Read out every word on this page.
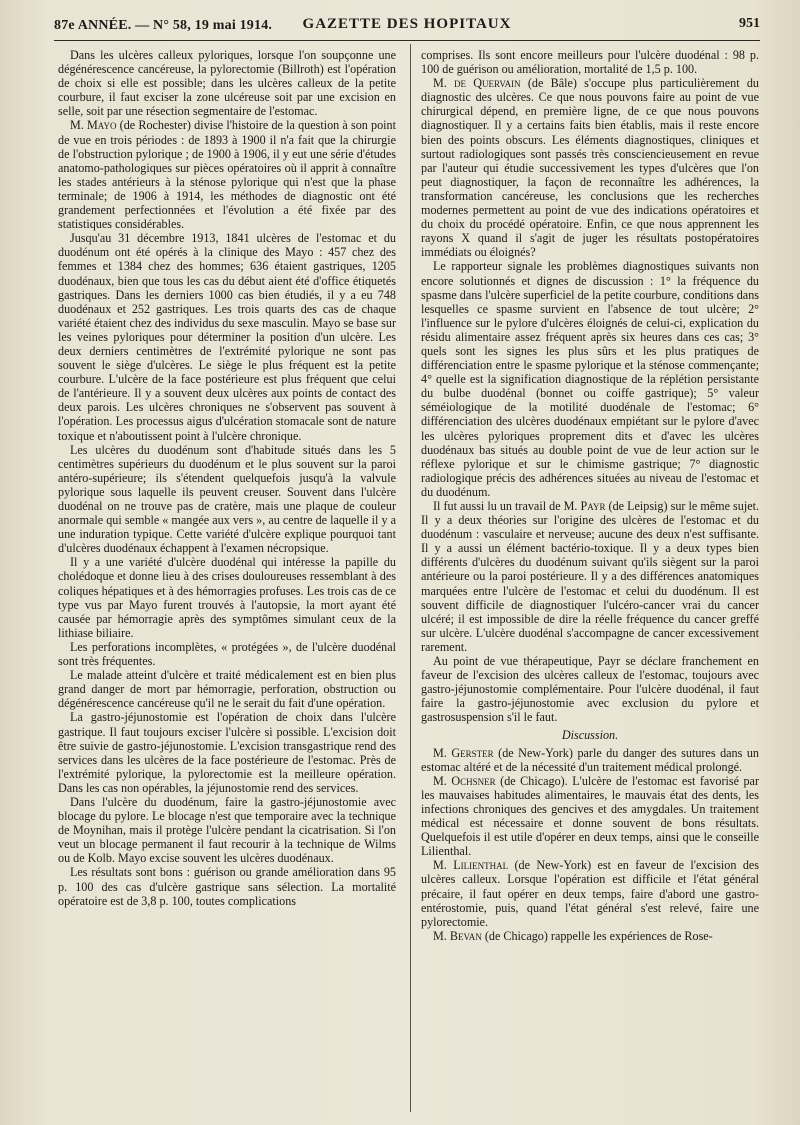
87e ANNÉE. — N° 58, 19 mai 1914.	GAZETTE DES HOPITAUX	951

Dans les ulcères calleux pyloriques, lorsque l'on soupçonne une dégénérescence cancéreuse, la pylorectomie (Billroth) est l'opération de choix si elle est possible; dans les ulcères calleux de la petite courbure, il faut exciser la zone ulcéreuse soit par une excision en selle, soit par une résection segmentaire de l'estomac.

M. Mayo (de Rochester) divise l'histoire de la question à son point de vue en trois périodes : de 1893 à 1900 il n'a fait que la chirurgie de l'obstruction pylorique ; de 1900 à 1906, il y eut une série d'études anatomo-pathologiques sur pièces opératoires où il apprit à connaître les stades antérieurs à la sténose pylorique qui n'est que la phase terminale; de 1906 à 1914, les méthodes de diagnostic ont été grandement perfectionnées et l'évolution a été fixée par des statistiques considérables.

Jusqu'au 31 décembre 1913, 1841 ulcères de l'estomac et du duodénum ont été opérés à la clinique des Mayo : 457 chez des femmes et 1384 chez des hommes; 636 étaient gastriques, 1205 duodénaux, bien que tous les cas du début aient été d'office étiquetés gastriques. Dans les derniers 1000 cas bien étudiés, il y a eu 748 duodénaux et 252 gastriques. Les trois quarts des cas de chaque variété étaient chez des individus du sexe masculin. Mayo se base sur les veines pyloriques pour déterminer la position d'un ulcère. Les deux derniers centimètres de l'extrémité pylorique ne sont pas souvent le siège d'ulcères. Le siège le plus fréquent est la petite courbure. L'ulcère de la face postérieure est plus fréquent que celui de l'antérieure. Il y a souvent deux ulcères aux points de contact des deux parois. Les ulcères chroniques ne s'observent pas souvent à l'opération. Les processus aigus d'ulcération stomacale sont de nature toxique et n'aboutissent point à l'ulcère chronique.

Les ulcères du duodénum sont d'habitude situés dans les 5 centimètres supérieurs du duodénum et le plus souvent sur la paroi antéro-supérieure; ils s'étendent quelquefois jusqu'à la valvule pylorique sous laquelle ils peuvent creuser. Souvent dans l'ulcère duodénal on ne trouve pas de cratère, mais une plaque de couleur anormale qui semble « mangée aux vers », au centre de laquelle il y a une induration typique. Cette variété d'ulcère explique pourquoi tant d'ulcères duodénaux échappent à l'examen nécropsique.

Il y a une variété d'ulcère duodénal qui intéresse la papille du cholédoque et donne lieu à des crises douloureuses ressemblant à des coliques hépatiques et à des hémorragies profuses. Les trois cas de ce type vus par Mayo furent trouvés à l'autopsie, la mort ayant été causée par hémorragie après des symptômes simulant ceux de la lithiase biliaire.

Les perforations incomplètes, « protégées », de l'ulcère duodénal sont très fréquentes.

Le malade atteint d'ulcère et traité médicalement est en bien plus grand danger de mort par hémorragie, perforation, obstruction ou dégénérescence cancéreuse qu'il ne le serait du fait d'une opération.

La gastro-jéjunostomie est l'opération de choix dans l'ulcère gastrique. Il faut toujours exciser l'ulcère si possible. L'excision doit être suivie de gastro-jéjunostomie. L'excision transgastrique rend des services dans les ulcères de la face postérieure de l'estomac. Près de l'extrémité pylorique, la pylorectomie est la meilleure opération. Dans les cas non opérables, la jéjunostomie rend des services.

Dans l'ulcère du duodénum, faire la gastro-jéjunostomie avec blocage du pylore. Le blocage n'est que temporaire avec la technique de Moynihan, mais il protège l'ulcère pendant la cicatrisation. Si l'on veut un blocage permanent il faut recourir à la technique de Wilms ou de Kolb. Mayo excise souvent les ulcères duodénaux.

Les résultats sont bons : guérison ou grande amélioration dans 95 p. 100 des cas d'ulcère gastrique sans sélection. La mortalité opératoire est de 3,8 p. 100, toutes complications

comprises. Ils sont encore meilleurs pour l'ulcère duodénal : 98 p. 100 de guérison ou amélioration, mortalité de 1,5 p. 100.

M. de Quervain (de Bâle) s'occupe plus particulièrement du diagnostic des ulcères. Ce que nous pouvons faire au point de vue chirurgical dépend, en première ligne, de ce que nous pouvons diagnostiquer. Il y a certains faits bien établis, mais il reste encore bien des points obscurs. Les éléments diagnostiques, cliniques et surtout radiologiques sont passés très consciencieusement en revue par l'auteur qui étudie successivement les types d'ulcères que l'on peut diagnostiquer, la façon de reconnaître les adhérences, la transformation cancéreuse, les conclusions que les recherches modernes permettent au point de vue des indications opératoires et du choix du procédé opératoire. Enfin, ce que nous apprennent les rayons X quand il s'agit de juger les résultats postopératoires immédiats ou éloignés?

Le rapporteur signale les problèmes diagnostiques suivants non encore solutionnés et dignes de discussion : 1° la fréquence du spasme dans l'ulcère superficiel de la petite courbure, conditions dans lesquelles ce spasme survient en l'absence de tout ulcère; 2° l'influence sur le pylore d'ulcères éloignés de celui-ci, explication du résidu alimentaire assez fréquent après six heures dans ces cas; 3° quels sont les signes les plus sûrs et les plus pratiques de différenciation entre le spasme pylorique et la sténose commençante; 4° quelle est la signification diagnostique de la réplétion persistante du bulbe duodénal (bonnet ou coiffe gastrique); 5° valeur séméiologique de la motilité duodénale de l'estomac; 6° différenciation des ulcères duodénaux empiétant sur le pylore d'avec les ulcères pyloriques proprement dits et d'avec les ulcères duodénaux bas situés au double point de vue de leur action sur le réflexe pylorique et sur le chimisme gastrique; 7° diagnostic radiologique précis des adhérences situées au niveau de l'estomac et du duodénum.

Il fut aussi lu un travail de M. Payr (de Leipsig) sur le même sujet. Il y a deux théories sur l'origine des ulcères de l'estomac et du duodénum : vasculaire et nerveuse; aucune des deux n'est suffisante. Il y a aussi un élément bactério-toxique. Il y a deux types bien différents d'ulcères du duodénum suivant qu'ils siègent sur la paroi antérieure ou la paroi postérieure. Il y a des différences anatomiques marquées entre l'ulcère de l'estomac et celui du duodénum. Il est souvent difficile de diagnostiquer l'ulcéro-cancer vrai du cancer ulcéré; il est impossible de dire la réelle fréquence du cancer greffé sur ulcère. L'ulcère duodénal s'accompagne de cancer excessivement rarement.

Au point de vue thérapeutique, Payr se déclare franchement en faveur de l'excision des ulcères calleux de l'estomac, toujours avec gastro-jéjunostomie complémentaire. Pour l'ulcère duodénal, il faut faire la gastro-jéjunostomie avec exclusion du pylore et gastrosuspension s'il le faut.

Discussion.

M. Gerster (de New-York) parle du danger des sutures dans un estomac altéré et de la nécessité d'un traitement médical prolongé.

M. Ochsner (de Chicago). L'ulcère de l'estomac est favorisé par les mauvaises habitudes alimentaires, le mauvais état des dents, les infections chroniques des gencives et des amygdales. Un traitement médical est nécessaire et donne souvent de bons résultats. Quelquefois il est utile d'opérer en deux temps, ainsi que le conseille Lilienthal.

M. Lilienthal (de New-York) est en faveur de l'excision des ulcères calleux. Lorsque l'opération est difficile et l'état général précaire, il faut opérer en deux temps, faire d'abord une gastro-entérostomie, puis, quand l'état général s'est relevé, faire une pylorectomie.

M. Bevan (de Chicago) rappelle les expériences de Rose-
